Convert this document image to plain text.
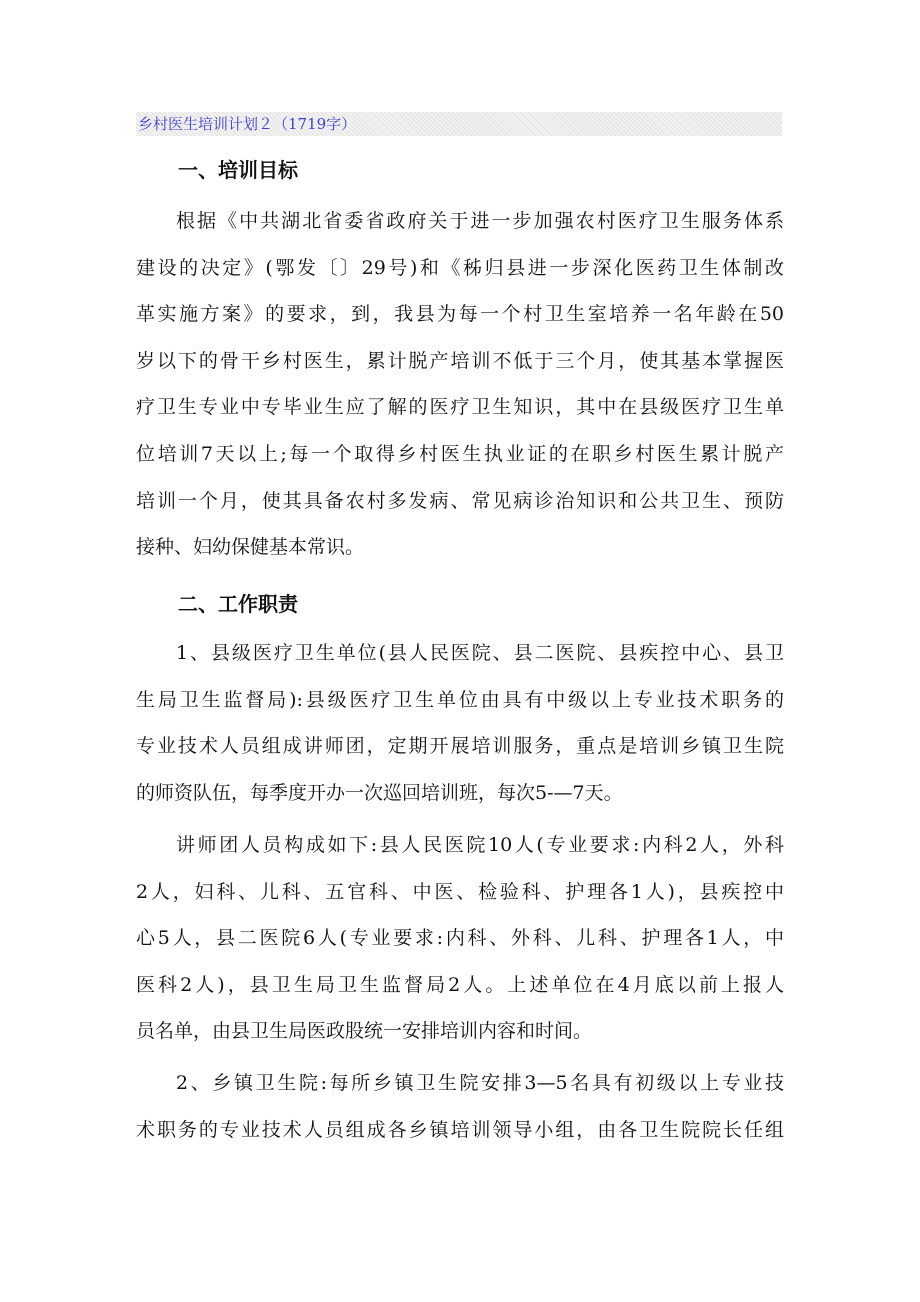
乡村医生培训计划２（1719字）
一、培训目标
根据《中共湖北省委省政府关于进一步加强农村医疗卫生服务体系
建设的决定》(鄂发〔〕29号)和《秭归县进一步深化医药卫生体制改
革实施方案》的要求，到，我县为每一个村卫生室培养一名年龄在50
岁以下的骨干乡村医生，累计脱产培训不低于三个月，使其基本掌握医
疗卫生专业中专毕业生应了解的医疗卫生知识，其中在县级医疗卫生单
位培训7天以上;每一个取得乡村医生执业证的在职乡村医生累计脱产
培训一个月，使其具备农村多发病、常见病诊治知识和公共卫生、预防
接种、妇幼保健基本常识。
二、工作职责
1、县级医疗卫生单位(县人民医院、县二医院、县疾控中心、县卫
生局卫生监督局):县级医疗卫生单位由具有中级以上专业技术职务的
专业技术人员组成讲师团，定期开展培训服务，重点是培训乡镇卫生院
的师资队伍，每季度开办一次巡回培训班，每次5-—7天。
讲师团人员构成如下:县人民医院10人(专业要求:内科2人，外科
2人，妇科、儿科、五官科、中医、检验科、护理各1人)，县疾控中
心5人，县二医院6人(专业要求:内科、外科、儿科、护理各1人，中
医科2人)，县卫生局卫生监督局2人。上述单位在4月底以前上报人
员名单，由县卫生局医政股统一安排培训内容和时间。
2、乡镇卫生院:每所乡镇卫生院安排3—5名具有初级以上专业技
术职务的专业技术人员组成各乡镇培训领导小组，由各卫生院院长任组
